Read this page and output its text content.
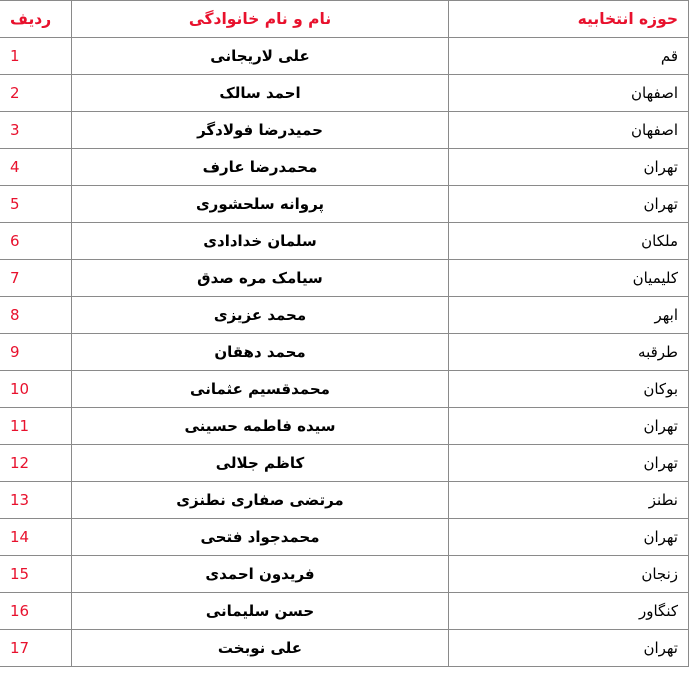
حوزه انتخابیه	نام و نام خانوادگی	ردیف
قم	علی لاریجانی	1
اصفهان	احمد سالک	2
اصفهان	حمیدرضا فولادگر	3
تهران	محمدرضا عارف	4
تهران	پروانه سلحشوری	5
ملکان	سلمان خدادادی	6
کلیمیان	سیامک مره صدق	7
ابهر	محمد عزیزی	8
طرقبه	محمد دهقان	9
بوکان	محمدقسیم عثمانی	10
تهران	سیده فاطمه حسینی	11
تهران	کاظم جلالی	12
نطنز	مرتضی صفاری نطنزی	13
تهران	محمدجواد فتحی	14
زنجان	فریدون احمدی	15
کنگاور	حسن سلیمانی	16
تهران	علی نوبخت	17
